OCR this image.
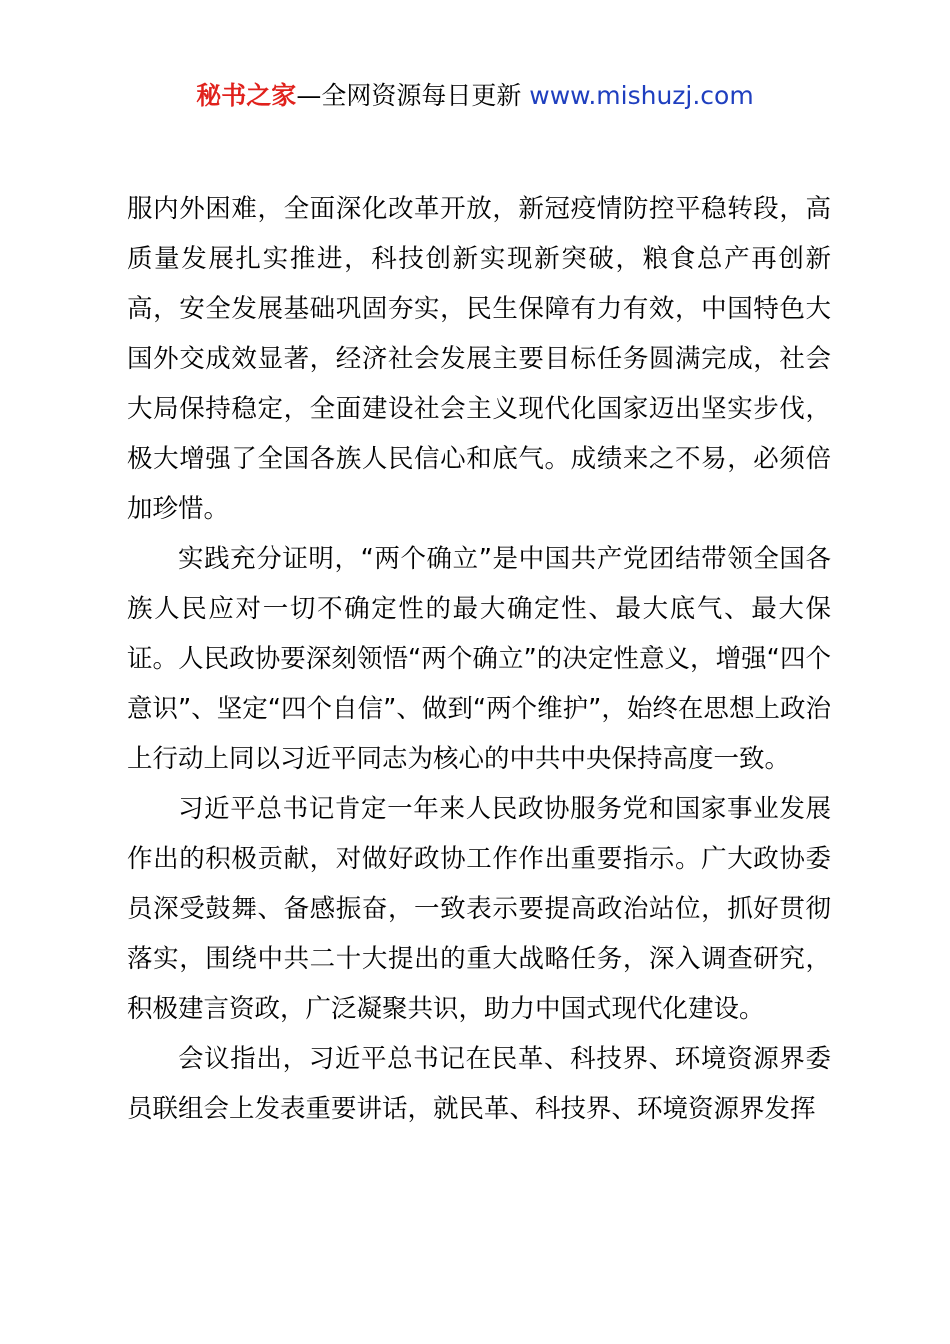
秘书之家—全网资源每日更新 www.mishuzj.com

服内外困难，全面深化改革开放，新冠疫情防控平稳转段，高质量发展扎实推进，科技创新实现新突破，粮食总产再创新高，安全发展基础巩固夯实，民生保障有力有效，中国特色大国外交成效显著，经济社会发展主要目标任务圆满完成，社会大局保持稳定，全面建设社会主义现代化国家迈出坚实步伐，极大增强了全国各族人民信心和底气。成绩来之不易，必须倍加珍惜。

实践充分证明，“两个确立”是中国共产党团结带领全国各族人民应对一切不确定性的最大确定性、最大底气、最大保证。人民政协要深刻领悟“两个确立”的决定性意义，增强“四个意识”、坚定“四个自信”、做到“两个维护”，始终在思想上政治上行动上同以习近平同志为核心的中共中央保持高度一致。

习近平总书记肯定一年来人民政协服务党和国家事业发展作出的积极贡献，对做好政协工作作出重要指示。广大政协委员深受鼓舞、备感振奋，一致表示要提高政治站位，抓好贯彻落实，围绕中共二十大提出的重大战略任务，深入调查研究，积极建言资政，广泛凝聚共识，助力中国式现代化建设。

会议指出，习近平总书记在民革、科技界、环境资源界委员联组会上发表重要讲话，就民革、科技界、环境资源界发挥
